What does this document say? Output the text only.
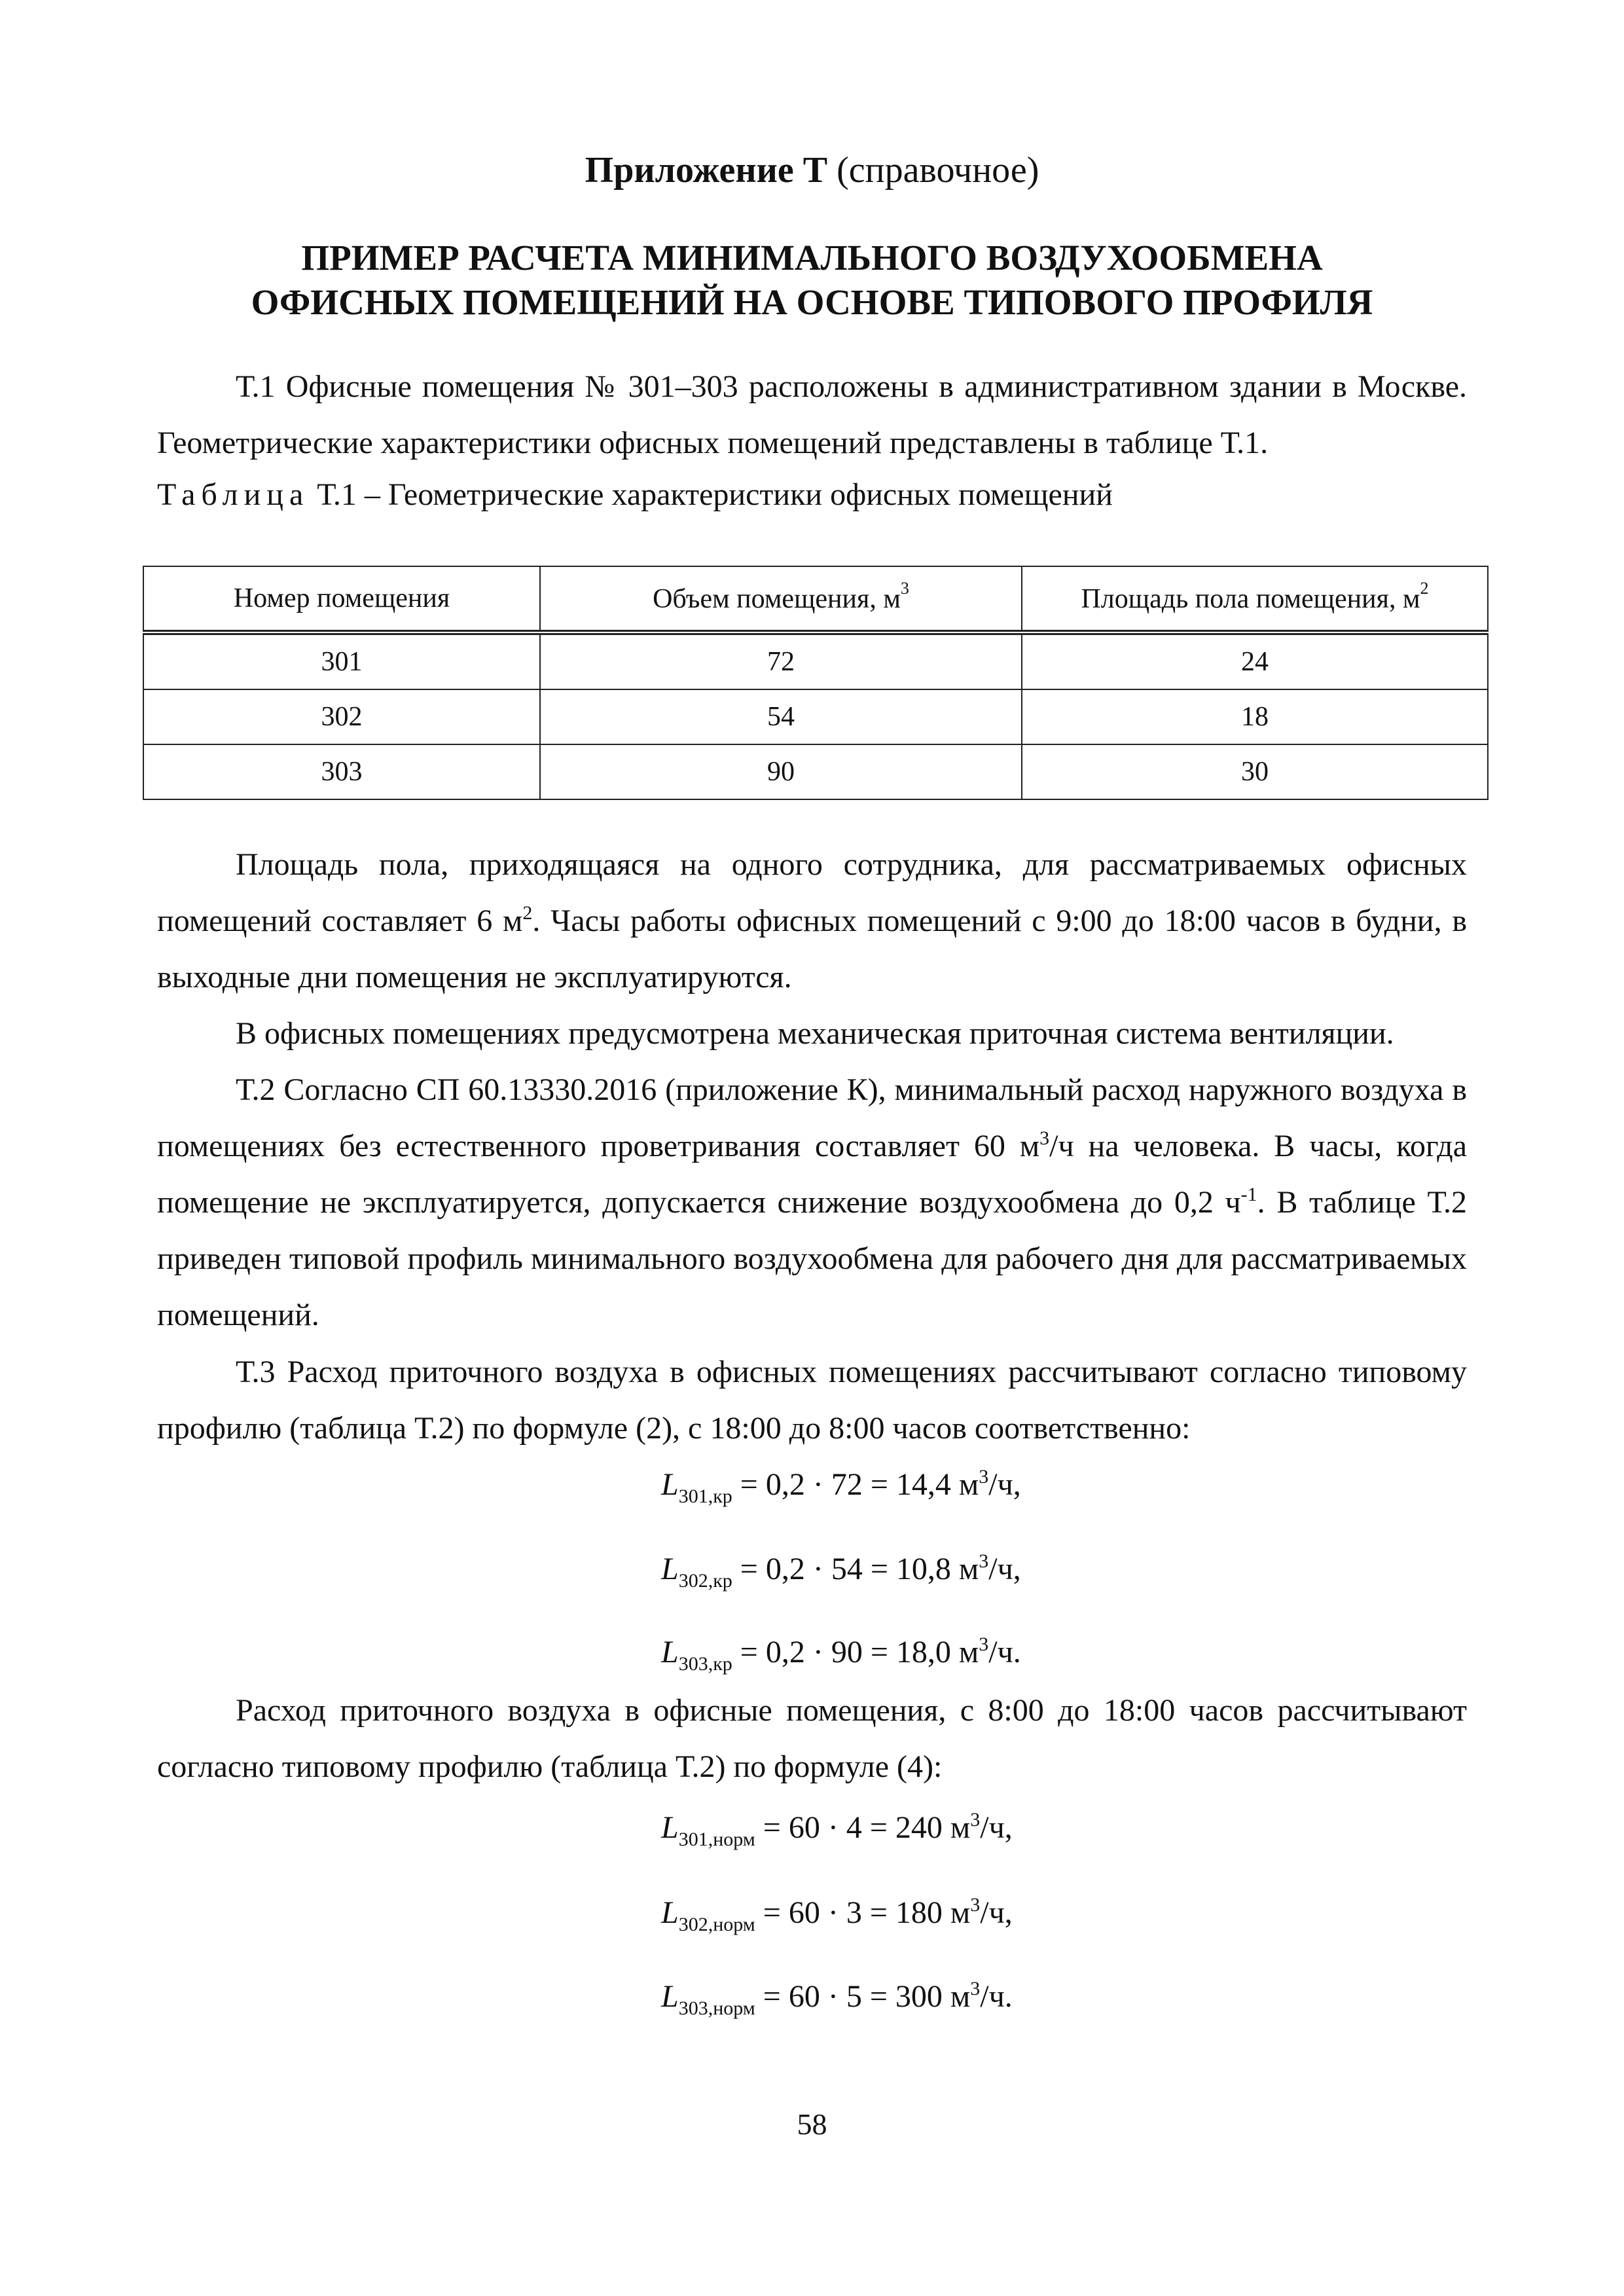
Приложение Т (справочное)
ПРИМЕР РАСЧЕТА МИНИМАЛЬНОГО ВОЗДУХООБМЕНА
ОФИСНЫХ ПОМЕЩЕНИЙ НА ОСНОВЕ ТИПОВОГО ПРОФИЛЯ

Т.1 Офисные помещения № 301–303 расположены в административном здании в Москве. Геометрические характеристики офисных помещений представлены в таблице Т.1.

Таблица Т.1 – Геометрические характеристики офисных помещений
Номер помещения	Объем помещения, $м^3$	Площадь пола помещения, $м^2$
301	72	24
302	54	18
303	90	30

Площадь пола, приходящаяся на одного сотрудника, для рассматриваемых офисных помещений составляет 6 $м^2$. Часы работы офисных помещений с 9:00 до 18:00 часов в будни, в выходные дни помещения не эксплуатируются.

В офисных помещениях предусмотрена механическая приточная система вентиляции.

Т.2 Согласно СП 60.13330.2016 (приложение К), минимальный расход наружного воздуха в помещениях без естественного проветривания составляет 60 $м^3/ч$ на человека. В часы, когда помещение не эксплуатируется, допускается снижение воздухообмена до 0,2 $ч^{-1}$. В таблице Т.2 приведен типовой профиль минимального воздухообмена для рабочего дня для рассматриваемых помещений.

Т.3 Расход приточного воздуха в офисных помещениях рассчитывают согласно типовому профилю (таблица Т.2) по формуле (2), с 18:00 до 8:00 часов соответственно:

$L_{301,кр} = 0,2 \cdot 72 = 14,4$ $м^3/ч$,
$L_{302,кр} = 0,2 \cdot 54 = 10,8$ $м^3/ч$,
$L_{303,кр} = 0,2 \cdot 90 = 18,0$ $м^3/ч$.

Расход приточного воздуха в офисные помещения, с 8:00 до 18:00 часов рассчитывают согласно типовому профилю (таблица Т.2) по формуле (4):

$L_{301,норм} = 60 \cdot 4 = 240$ $м^3/ч$,
$L_{302,норм} = 60 \cdot 3 = 180$ $м^3/ч$,
$L_{303,норм} = 60 \cdot 5 = 300$ $м^3/ч$.
58
